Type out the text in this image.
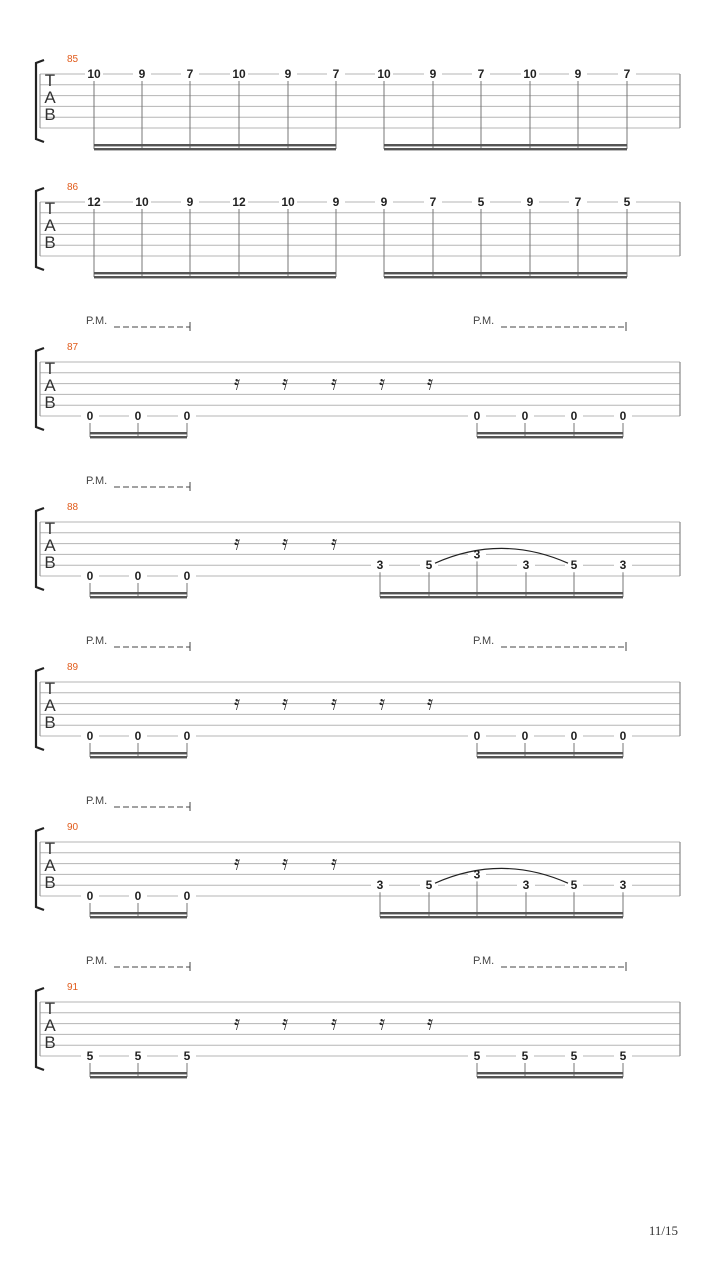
85
T
A
B
10	9	7	10	9	7	10	9	7	10	9	7
86
T
A
B
12	10	9	12	10	9	9	7	5	9	7	5
87
T
A
B
0	0	0	0	0	0	0
𝄿 𝄿 𝄿 𝄿 𝄿
P.M.	P.M.
88
T
A
B
0	0	0
3	5
3
3	5	3
𝄿 𝄿 𝄿
P.M.
89
T
A
B
0	0	0	0	0	0	0
𝄿 𝄿 𝄿 𝄿 𝄿
P.M.	P.M.
90
T
A
B
0	0	0
3	5
3
3	5	3
𝄿 𝄿 𝄿
P.M.
91
T
A
B
5	5	5	5	5	5	5
𝄿 𝄿 𝄿 𝄿 𝄿
P.M.	P.M.
11/15
